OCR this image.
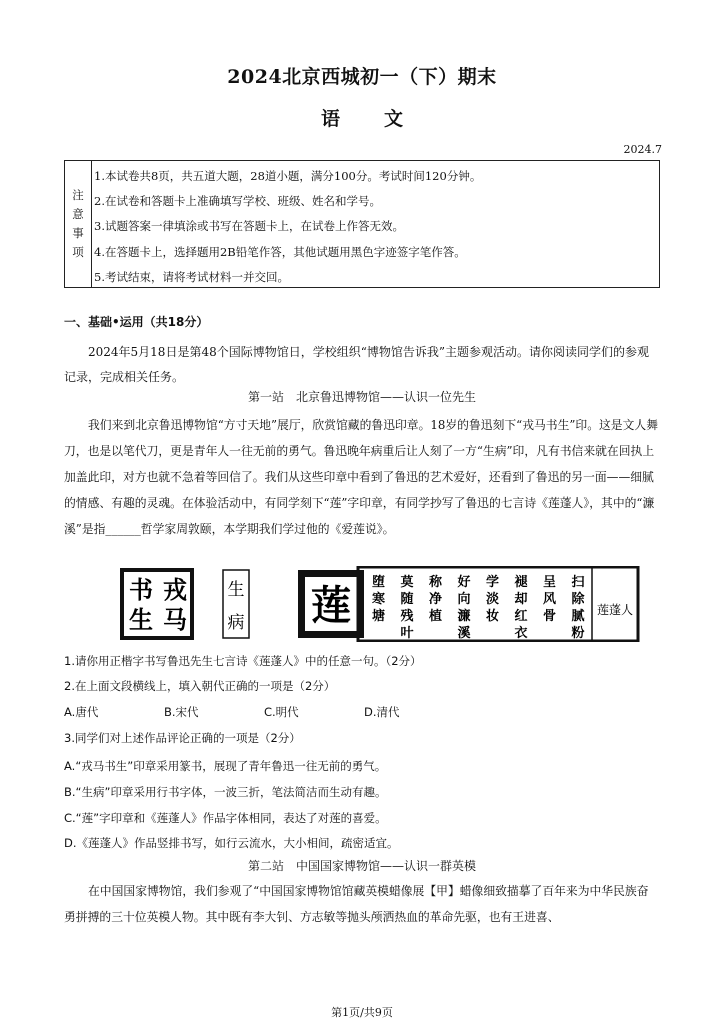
2024北京西城初一（下）期末
语 文
2024.7
注
意
事
项
1.本试卷共8页，共五道大题，28道小题，满分100分。考试时间120分钟。
2.在试卷和答题卡上准确填写学校、班级、姓名和学号。
3.试题答案一律填涂或书写在答题卡上，在试卷上作答无效。
4.在答题卡上，选择题用2B铅笔作答，其他试题用黑色字迹签字笔作答。
5.考试结束，请将考试材料一并交回。
一、基础•运用（共18分）
2024年5月18日是第48个国际博物馆日，学校组织“博物馆告诉我”主题参观活动。请你阅读同学们的参观记录，完成相关任务。
第一站　北京鲁迅博物馆——认识一位先生
我们来到北京鲁迅博物馆“方寸天地”展厅，欣赏馆藏的鲁迅印章。18岁的鲁迅刻下“戎马书生”印。这是文人舞刀，也是以笔代刀，更是青年人一往无前的勇气。鲁迅晚年病重后让人刻了一方“生病”印，凡有书信来就在回执上加盖此印，对方也就不急着等回信了。我们从这些印章中看到了鲁迅的艺术爱好，还看到了鲁迅的另一面——细腻的情感、有趣的灵魂。在体验活动中，有同学刻下“莲”字印章，有同学抄写了鲁迅的七言诗《莲蓬人》，其中的“濂溪”是指______哲学家周敦颐，本学期我们学过他的《爱莲说》。
戎
马
书
生
生
病 莲	扫
除
腻
粉
呈
风
骨
褪
却
红
衣
学
淡
妆
好
向
濂
溪
称
净
植
莫
随
残
叶
堕
寒
塘	莲蓬人
1.请你用正楷字书写鲁迅先生七言诗《莲蓬人》中的任意一句。（2分）
2.在上面文段横线上，填入朝代正确的一项是（2分）
A.唐代	B.宋代	C.明代	D.清代
3.同学们对上述作品评论正确的一项是（2分）
A.“戎马书生”印章采用篆书，展现了青年鲁迅一往无前的勇气。
B.“生病”印章采用行书字体，一波三折，笔法简洁而生动有趣。
C.“莲”字印章和《莲蓬人》作品字体相同，表达了对莲的喜爱。
D.《莲蓬人》作品竖排书写，如行云流水，大小相间，疏密适宜。
第二站　中国国家博物馆——认识一群英模
在中国国家博物馆，我们参观了“中国国家博物馆馆藏英模蜡像展【甲】蜡像细致描摹了百年来为中华民族奋勇拼搏的三十位英模人物。其中既有李大钊、方志敏等抛头颅洒热血的革命先驱，也有王进喜、
第1页/共9页
